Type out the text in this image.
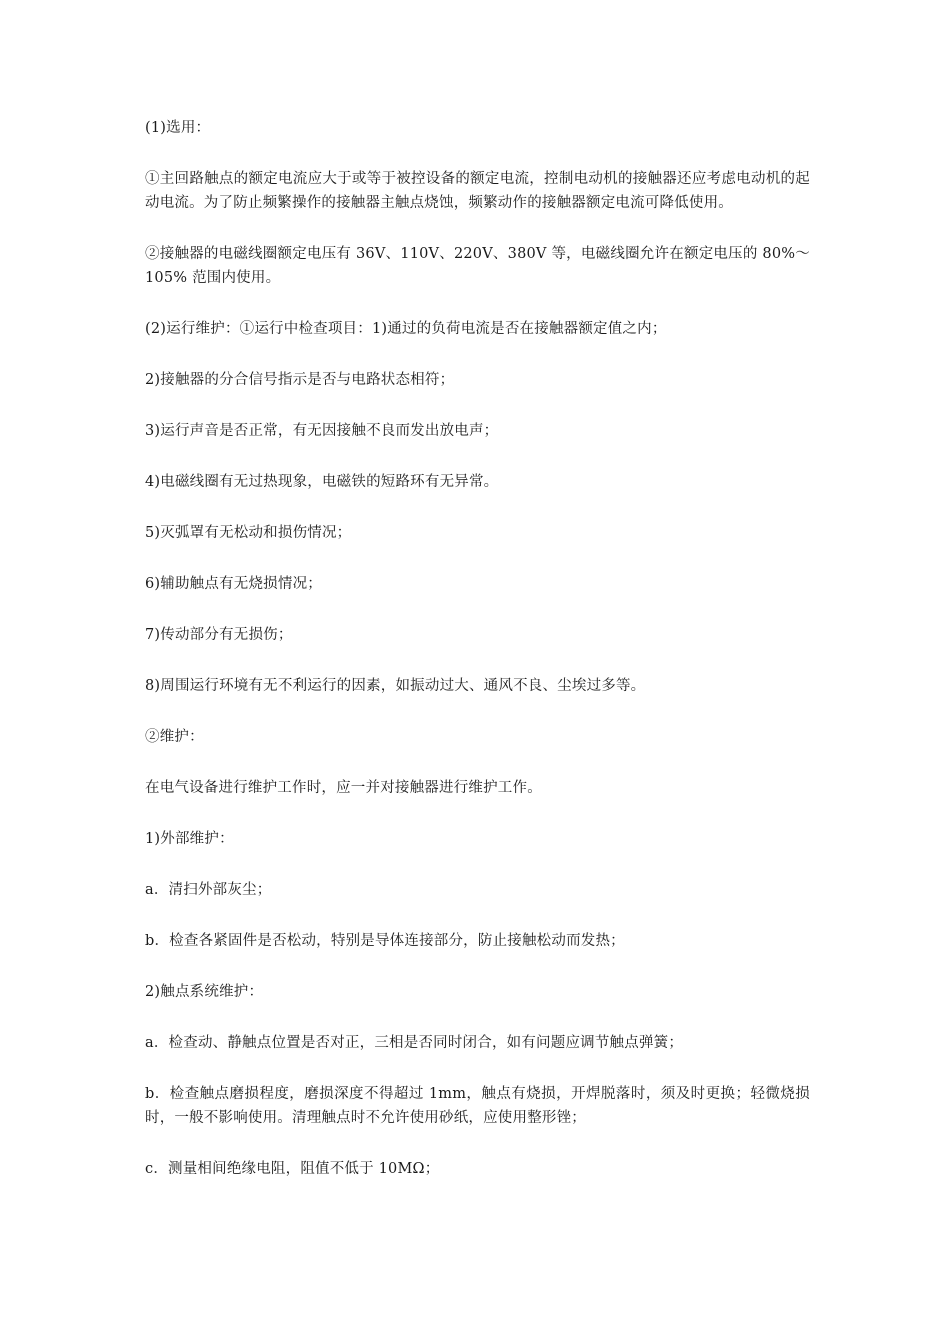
(1)选用：

①主回路触点的额定电流应大于或等于被控设备的额定电流，控制电动机的接触器还应考虑电动机的起动电流。为了防止频繁操作的接触器主触点烧蚀，频繁动作的接触器额定电流可降低使用。

②接触器的电磁线圈额定电压有 36V、110V、220V、380V 等，电磁线圈允许在额定电压的 80%～105% 范围内使用。

(2)运行维护：①运行中检查项目：1)通过的负荷电流是否在接触器额定值之内；

2)接触器的分合信号指示是否与电路状态相符；

3)运行声音是否正常，有无因接触不良而发出放电声；

4)电磁线圈有无过热现象，电磁铁的短路环有无异常。

5)灭弧罩有无松动和损伤情况；

6)辅助触点有无烧损情况；

7)传动部分有无损伤；

8)周围运行环境有无不利运行的因素，如振动过大、通风不良、尘埃过多等。

②维护：

在电气设备进行维护工作时，应一并对接触器进行维护工作。

1)外部维护：

a．清扫外部灰尘；

b．检查各紧固件是否松动，特别是导体连接部分，防止接触松动而发热；

2)触点系统维护：

a．检查动、静触点位置是否对正，三相是否同时闭合，如有问题应调节触点弹簧；

b．检查触点磨损程度，磨损深度不得超过 1mm，触点有烧损，开焊脱落时，须及时更换；轻微烧损时，一般不影响使用。清理触点时不允许使用砂纸，应使用整形锉；

c．测量相间绝缘电阻，阻值不低于 10MΩ；
